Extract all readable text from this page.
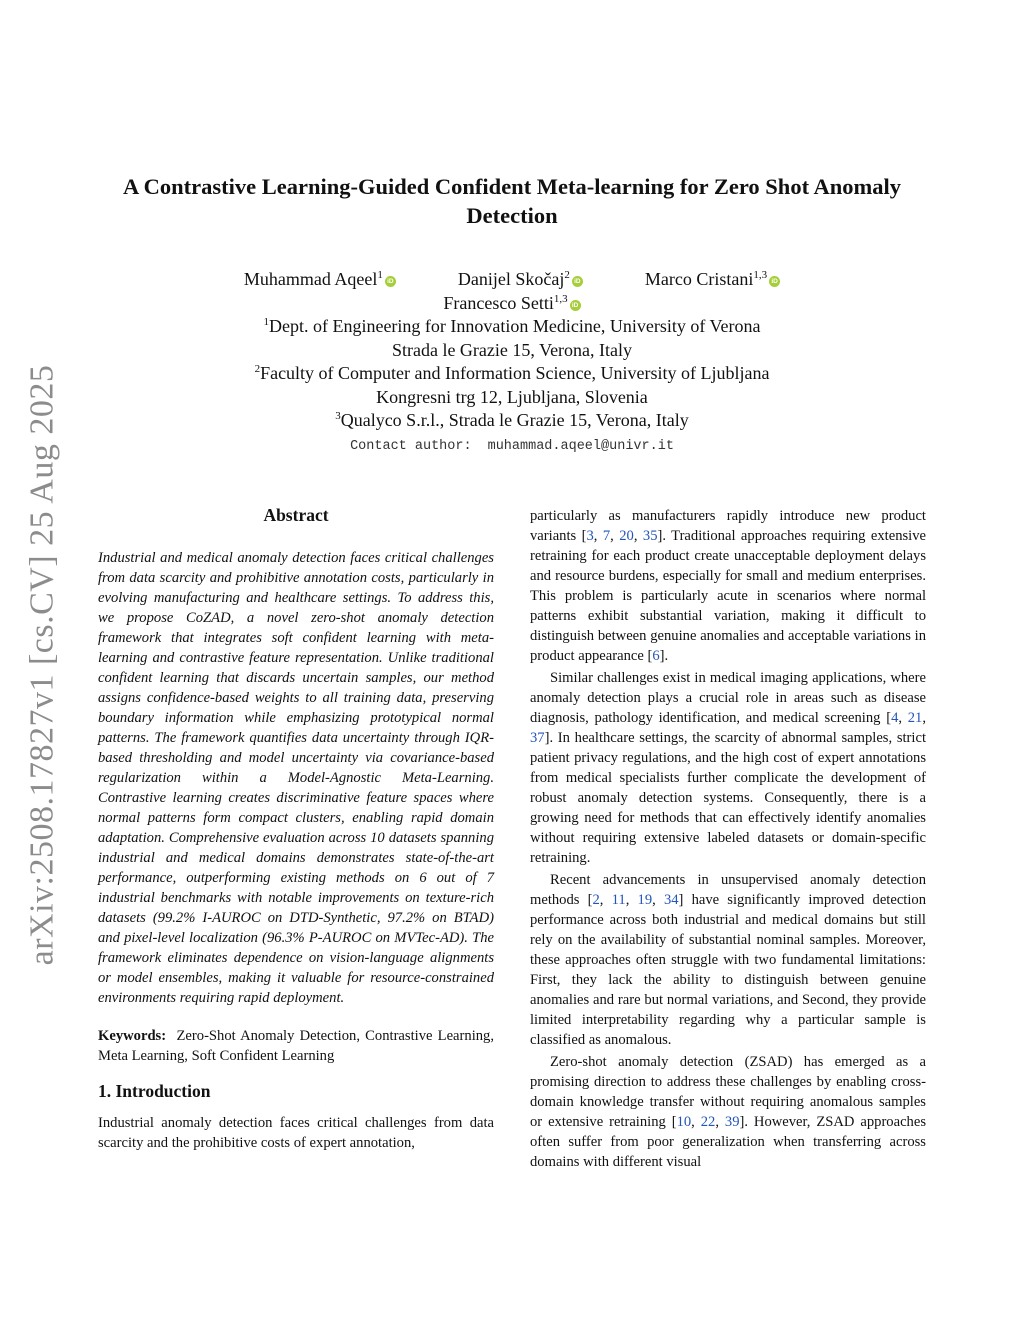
arXiv:2508.17827v1 [cs.CV] 25 Aug 2025
A Contrastive Learning-Guided Confident Meta-learning for Zero Shot Anomaly Detection
Muhammad Aqeel$^1$iD	Danijel Skočaj$^2$iD	Marco Cristani$^{1,3}$iD
Francesco Setti$^{1,3}$iD
$^1$Dept. of Engineering for Innovation Medicine, University of Verona
Strada le Grazie 15, Verona, Italy
$^2$Faculty of Computer and Information Science, University of Ljubljana
Kongresni trg 12, Ljubljana, Slovenia
$^3$Qualyco S.r.l., Strada le Grazie 15, Verona, Italy
Contact author: muhammad.aqeel@univr.it
Abstract

Industrial and medical anomaly detection faces critical challenges from data scarcity and prohibitive annotation costs, particularly in evolving manufacturing and healthcare settings. To address this, we propose CoZAD, a novel zero-shot anomaly detection framework that integrates soft confident learning with meta-learning and contrastive feature representation. Unlike traditional confident learning that discards uncertain samples, our method assigns confidence-based weights to all training data, preserving boundary information while emphasizing prototypical normal patterns. The framework quantifies data uncertainty through IQR-based thresholding and model uncertainty via covariance-based regularization within a Model-Agnostic Meta-Learning. Contrastive learning creates discriminative feature spaces where normal patterns form compact clusters, enabling rapid domain adaptation. Comprehensive evaluation across 10 datasets spanning industrial and medical domains demonstrates state-of-the-art performance, outperforming existing methods on 6 out of 7 industrial benchmarks with notable improvements on texture-rich datasets (99.2% I-AUROC on DTD-Synthetic, 97.2% on BTAD) and pixel-level localization (96.3% P-AUROC on MVTec-AD). The framework eliminates dependence on vision-language alignments or model ensembles, making it valuable for resource-constrained environments requiring rapid deployment.

Keywords: Zero-Shot Anomaly Detection, Contrastive Learning, Meta Learning, Soft Confident Learning

1. Introduction

Industrial anomaly detection faces critical challenges from data scarcity and the prohibitive costs of expert annotation,

particularly as manufacturers rapidly introduce new product variants [3, 7, 20, 35]. Traditional approaches requiring extensive retraining for each product create unacceptable deployment delays and resource burdens, especially for small and medium enterprises. This problem is particularly acute in scenarios where normal patterns exhibit substantial variation, making it difficult to distinguish between genuine anomalies and acceptable variations in product appearance [6].

Similar challenges exist in medical imaging applications, where anomaly detection plays a crucial role in areas such as disease diagnosis, pathology identification, and medical screening [4, 21, 37]. In healthcare settings, the scarcity of abnormal samples, strict patient privacy regulations, and the high cost of expert annotations from medical specialists further complicate the development of robust anomaly detection systems. Consequently, there is a growing need for methods that can effectively identify anomalies without requiring extensive labeled datasets or domain-specific retraining.

Recent advancements in unsupervised anomaly detection methods [2, 11, 19, 34] have significantly improved detection performance across both industrial and medical domains but still rely on the availability of substantial nominal samples. Moreover, these approaches often struggle with two fundamental limitations: First, they lack the ability to distinguish between genuine anomalies and rare but normal variations, and Second, they provide limited interpretability regarding why a particular sample is classified as anomalous.

Zero-shot anomaly detection (ZSAD) has emerged as a promising direction to address these challenges by enabling cross-domain knowledge transfer without requiring anomalous samples or extensive retraining [10, 22, 39]. However, ZSAD approaches often suffer from poor generalization when transferring across domains with different visual
